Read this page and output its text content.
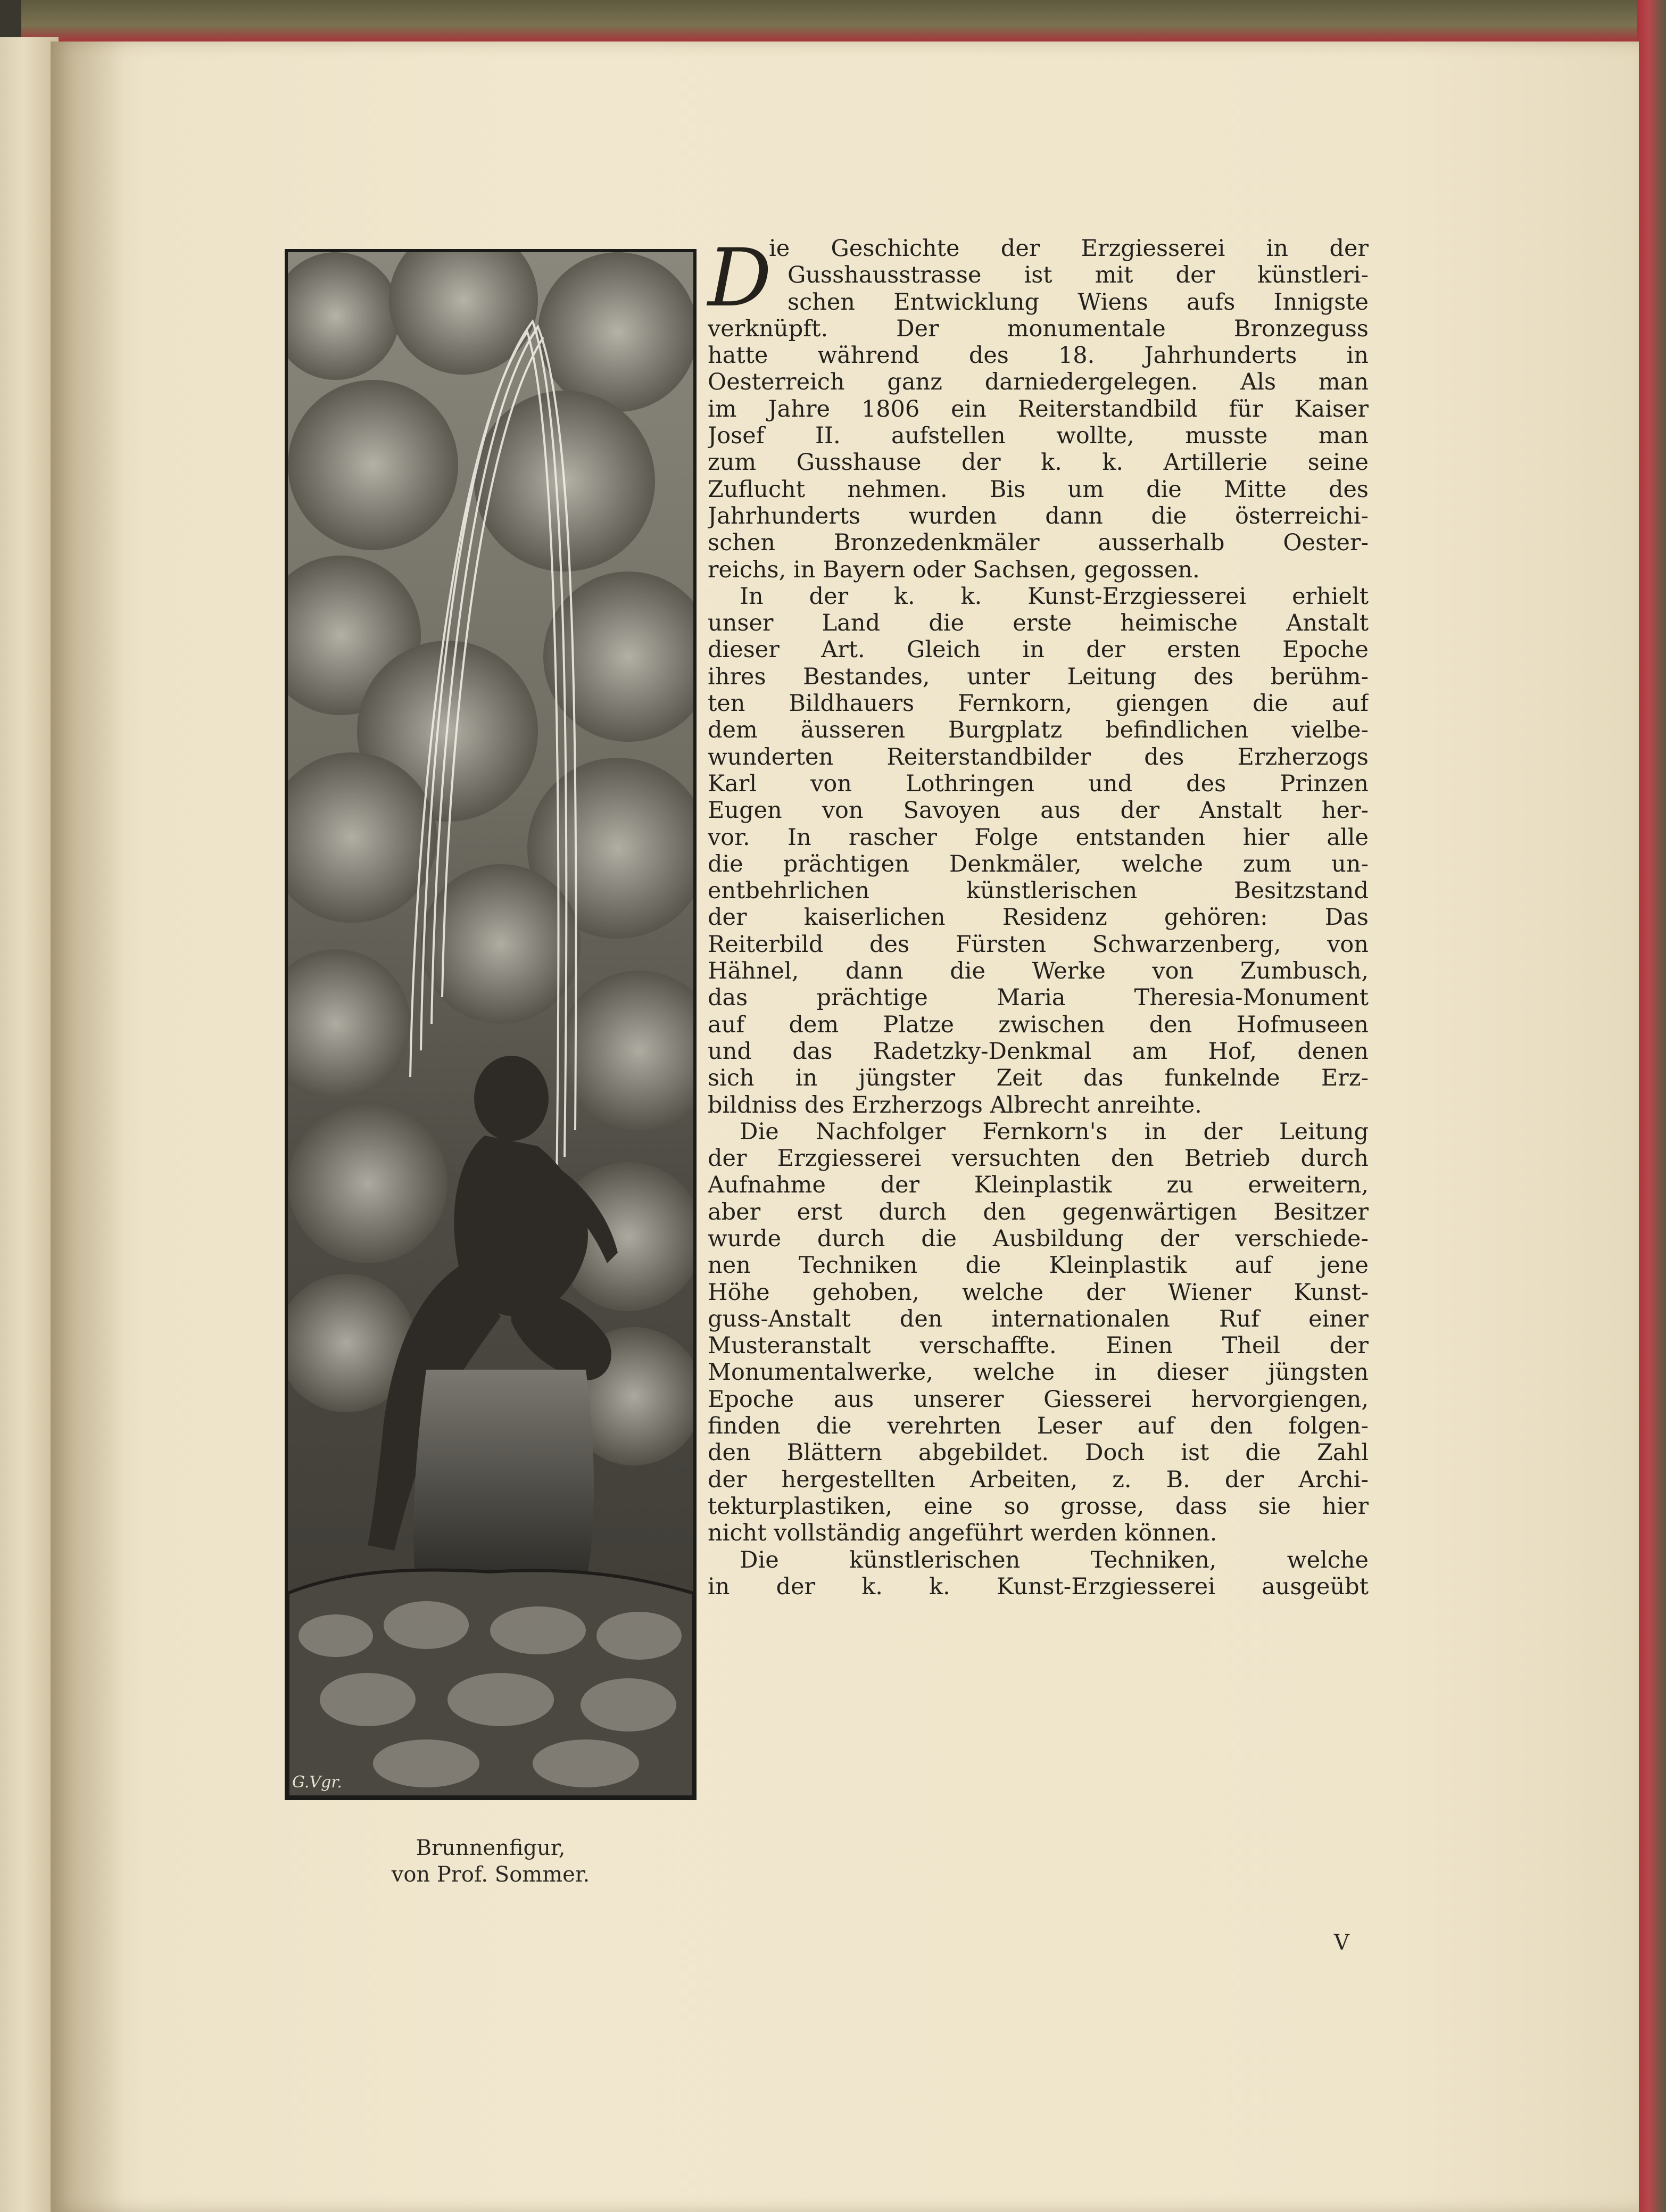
G.Vgr.
Brunnenfigur,
von Prof. Sommer.
D
ie Geschichte der Erzgiesserei in der
Gusshausstrasse ist mit der künstleri-
schen Entwicklung Wiens aufs Innigste
verknüpft. Der monumentale Bronzeguss
hatte während des 18. Jahrhunderts in
Oesterreich ganz darniedergelegen. Als man
im Jahre 1806 ein Reiterstandbild für Kaiser
Josef II. aufstellen wollte, musste man
zum Gusshause der k. k. Artillerie seine
Zuflucht nehmen. Bis um die Mitte des
Jahrhunderts wurden dann die österreichi-
schen Bronzedenkmäler ausserhalb Oester-
reichs, in Bayern oder Sachsen, gegossen.
In der k. k. Kunst-Erzgiesserei erhielt
unser Land die erste heimische Anstalt
dieser Art. Gleich in der ersten Epoche
ihres Bestandes, unter Leitung des berühm-
ten Bildhauers Fernkorn, giengen die auf
dem äusseren Burgplatz befindlichen vielbe-
wunderten Reiterstandbilder des Erzherzogs
Karl von Lothringen und des Prinzen
Eugen von Savoyen aus der Anstalt her-
vor. In rascher Folge entstanden hier alle
die prächtigen Denkmäler, welche zum un-
entbehrlichen künstlerischen Besitzstand
der kaiserlichen Residenz gehören: Das
Reiterbild des Fürsten Schwarzenberg, von
Hähnel, dann die Werke von Zumbusch,
das prächtige Maria Theresia-Monument
auf dem Platze zwischen den Hofmuseen
und das Radetzky-Denkmal am Hof, denen
sich in jüngster Zeit das funkelnde Erz-
bildniss des Erzherzogs Albrecht anreihte.
Die Nachfolger Fernkorn's in der Leitung
der Erzgiesserei versuchten den Betrieb durch
Aufnahme der Kleinplastik zu erweitern,
aber erst durch den gegenwärtigen Besitzer
wurde durch die Ausbildung der verschiede-
nen Techniken die Kleinplastik auf jene
Höhe gehoben, welche der Wiener Kunst-
guss-Anstalt den internationalen Ruf einer
Musteranstalt verschaffte. Einen Theil der
Monumentalwerke, welche in dieser jüngsten
Epoche aus unserer Giesserei hervorgiengen,
finden die verehrten Leser auf den folgen-
den Blättern abgebildet. Doch ist die Zahl
der hergestellten Arbeiten, z. B. der Archi-
tekturplastiken, eine so grosse, dass sie hier
nicht vollständig angeführt werden können.
Die künstlerischen Techniken, welche
in der k. k. Kunst-Erzgiesserei ausgeübt
V
